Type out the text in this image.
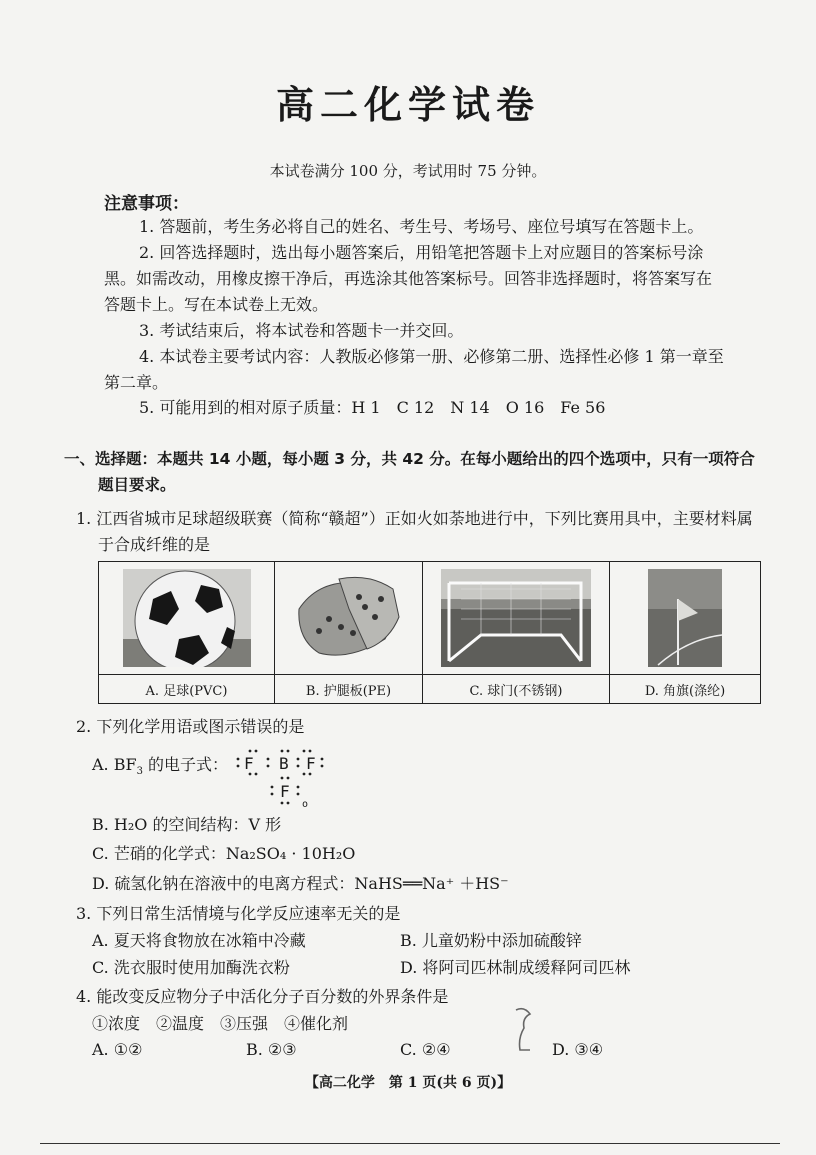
高二化学试卷
本试卷满分 100 分，考试用时 75 分钟。
注意事项：
1. 答题前，考生务必将自己的姓名、考生号、考场号、座位号填写在答题卡上。
2. 回答选择题时，选出每小题答案后，用铅笔把答题卡上对应题目的答案标号涂
黑。如需改动，用橡皮擦干净后，再选涂其他答案标号。回答非选择题时，将答案写在
答题卡上。写在本试卷上无效。
3. 考试结束后，将本试卷和答题卡一并交回。
4. 本试卷主要考试内容：人教版必修第一册、必修第二册、选择性必修 1 第一章至
第二章。
5. 可能用到的相对原子质量：H 1　C 12　N 14　O 16　Fe 56
一、选择题：本题共 14 小题，每小题 3 分，共 42 分。在每小题给出的四个选项中，只有一项符合
题目要求。
1. 江西省城市足球超级联赛（简称“赣超”）正如火如荼地进行中，下列比赛用具中，主要材料属
于合成纤维的是

A. 足球(PVC)	B. 护腿板(PE)	C. 球门(不锈钢)	D. 角旗(涤纶)
2. 下列化学用语或图示错误的是
A. $BF_3$ 的电子式： F B F
F
o
B. H₂O 的空间结构：V 形
C. 芒硝的化学式：Na₂SO₄ · 10H₂O
D. 硫氢化钠在溶液中的电离方程式：NaHS══Na⁺ ＋HS⁻
3. 下列日常生活情境与化学反应速率无关的是
A. 夏天将食物放在冰箱中冷藏	B. 儿童奶粉中添加硫酸锌
C. 洗衣服时使用加酶洗衣粉	D. 将阿司匹林制成缓释阿司匹林
4. 能改变反应物分子中活化分子百分数的外界条件是
①浓度　②温度　③压强　④催化剂
A. ①②	B. ②③	C. ②④	D. ③④
【高二化学　第 1 页(共 6 页)】
